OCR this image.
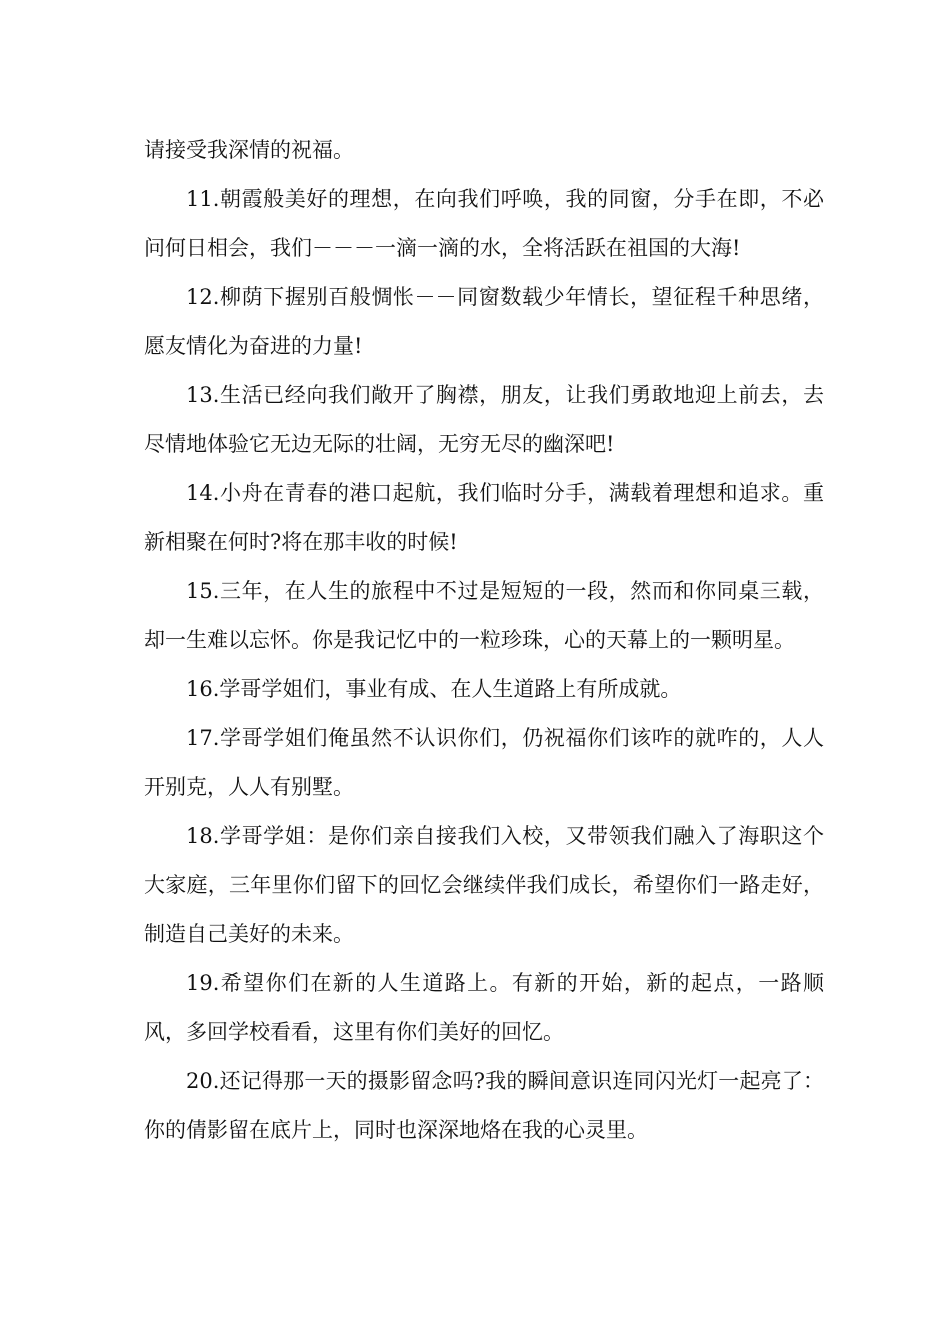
请接受我深情的祝福。

11.朝霞般美好的理想，在向我们呼唤，我的同窗，分手在即，不必问何日相会，我们－－－一滴一滴的水，全将活跃在祖国的大海!

12.柳荫下握别百般惆怅－－同窗数载少年情长，望征程千种思绪，愿友情化为奋进的力量!

13.生活已经向我们敞开了胸襟，朋友，让我们勇敢地迎上前去，去尽情地体验它无边无际的壮阔，无穷无尽的幽深吧!

14.小舟在青春的港口起航，我们临时分手，满载着理想和追求。重新相聚在何时?将在那丰收的时候!

15.三年，在人生的旅程中不过是短短的一段，然而和你同桌三载，却一生难以忘怀。你是我记忆中的一粒珍珠，心的天幕上的一颗明星。

16.学哥学姐们，事业有成、在人生道路上有所成就。

17.学哥学姐们俺虽然不认识你们，仍祝福你们该咋的就咋的，人人开别克，人人有别墅。

18.学哥学姐：是你们亲自接我们入校，又带领我们融入了海职这个大家庭，三年里你们留下的回忆会继续伴我们成长，希望你们一路走好，制造自己美好的未来。

19.希望你们在新的人生道路上。有新的开始，新的起点，一路顺风，多回学校看看，这里有你们美好的回忆。

20.还记得那一天的摄影留念吗?我的瞬间意识连同闪光灯一起亮了：你的倩影留在底片上，同时也深深地烙在我的心灵里。
